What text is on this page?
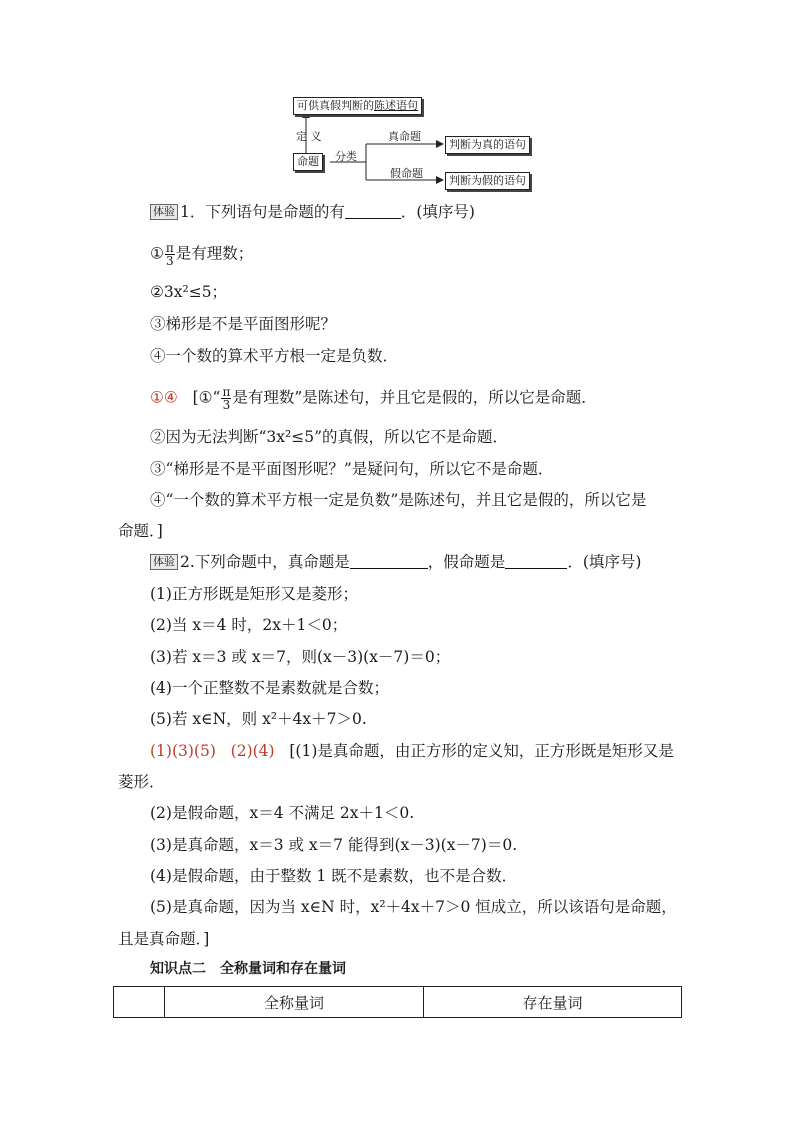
可供真假判断的陈述语句
定 义
命题	分类
真命题
假命题
判断为真的语句
判断为假的语句
体验 1．下列语句是命题的有	．(填序号)
① $\frac{\pi}{3}$ 是有理数；
②3x²≤5；
③梯形是不是平面图形呢？
④一个数的算术平方根一定是负数．
①④ [①“ $\frac{\pi}{3}$ 是有理数”是陈述句，并且它是假的，所以它是命题．
②因为无法判断“3x²≤5”的真假，所以它不是命题．
③“梯形是不是平面图形呢？”是疑问句，所以它不是命题．
④“一个数的算术平方根一定是负数”是陈述句，并且它是假的，所以它是
命题．]
体验 2.下列命题中，真命题是	，假命题是	．(填序号)
(1)正方形既是矩形又是菱形；
(2)当 x＝4 时，2x＋1＜0；
(3)若 x＝3 或 x＝7，则(x－3)(x－7)＝0；
(4)一个正整数不是素数就是合数；
(5)若 x∈N，则 x²＋4x＋7＞0.
(1)(3)(5) (2)(4) [(1)是真命题，由正方形的定义知，正方形既是矩形又是
菱形．
(2)是假命题，x＝4 不满足 2x＋1＜0.
(3)是真命题，x＝3 或 x＝7 能得到(x－3)(x－7)＝0.
(4)是假命题，由于整数 1 既不是素数，也不是合数．
(5)是真命题，因为当 x∈N 时，x²＋4x＋7＞0 恒成立，所以该语句是命题，
且是真命题．]
知识点二　全称量词和存在量词
	全称量词	存在量词
